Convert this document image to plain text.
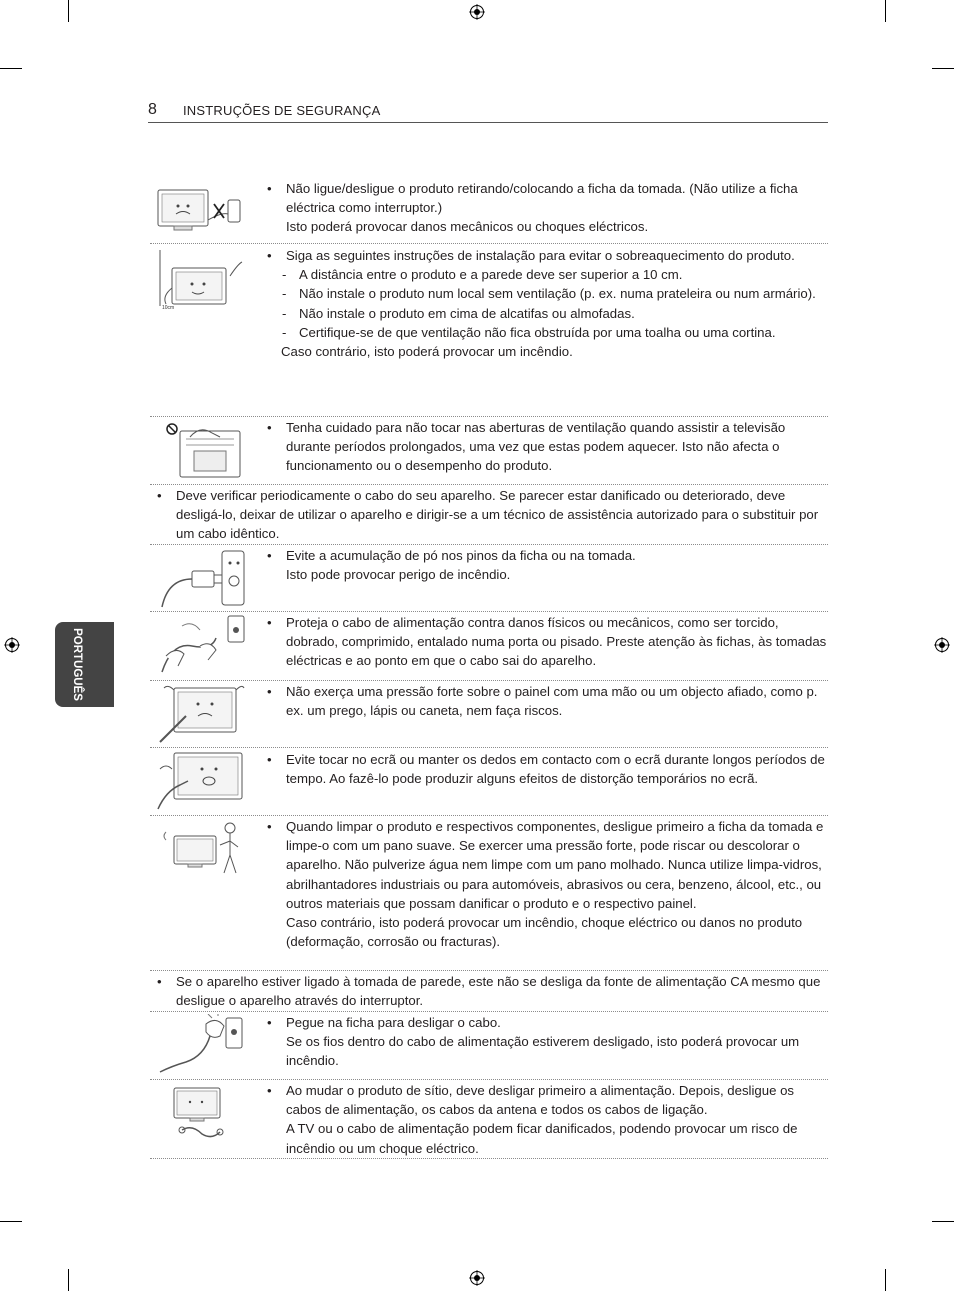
8 INSTRUÇÕES DE SEGURANÇA
PORTUGUÊS
• Não ligue/desligue o produto retirando/colocando a ficha da tomada. (Não utilize a ficha eléctrica como interruptor.)
Isto poderá provocar danos mecânicos ou choques eléctricos.
10cm
• Siga as seguintes instruções de instalação para evitar o sobreaquecimento do produto.
- A distância entre o produto e a parede deve ser superior a 10 cm.
- Não instale o produto num local sem ventilação (p. ex. numa prateleira ou num armário).
- Não instale o produto em cima de alcatifas ou almofadas.
- Certifique-se de que ventilação não fica obstruída por uma toalha ou uma cortina.
Caso contrário, isto poderá provocar um incêndio.
• Tenha cuidado para não tocar nas aberturas de ventilação quando assistir a televisão durante períodos prolongados, uma vez que estas podem aquecer. Isto não afecta o funcionamento ou o desempenho do produto.
• Deve verificar periodicamente o cabo do seu aparelho. Se parecer estar danificado ou deteriorado, deve desligá-lo, deixar de utilizar o aparelho e dirigir-se a um técnico de assistência autorizado para o substituir por um cabo idêntico.
• Evite a acumulação de pó nos pinos da ficha ou na tomada.
Isto pode provocar perigo de incêndio.
• Proteja o cabo de alimentação contra danos físicos ou mecânicos, como ser torcido, dobrado, comprimido, entalado numa porta ou pisado. Preste atenção às fichas, às tomadas eléctricas e ao ponto em que o cabo sai do aparelho.
• Não exerça uma pressão forte sobre o painel com uma mão ou um objecto afiado, como p. ex. um prego, lápis ou caneta, nem faça riscos.
• Evite tocar no ecrã ou manter os dedos em contacto com o ecrã durante longos períodos de tempo. Ao fazê-lo pode produzir alguns efeitos de distorção temporários no ecrã.
• Quando limpar o produto e respectivos componentes, desligue primeiro a ficha da tomada e limpe-o com um pano suave. Se exercer uma pressão forte, pode riscar ou descolorar o aparelho. Não pulverize água nem limpe com um pano molhado. Nunca utilize limpa-vidros, abrilhantadores industriais ou para automóveis, abrasivos ou cera, benzeno, álcool, etc., ou outros materiais que possam danificar o produto e o respectivo painel.
Caso contrário, isto poderá provocar um incêndio, choque eléctrico ou danos no produto (deformação, corrosão ou fracturas).
• Se o aparelho estiver ligado à tomada de parede, este não se desliga da fonte de alimentação CA mesmo que desligue o aparelho através do interruptor.
• Pegue na ficha para desligar o cabo.
Se os fios dentro do cabo de alimentação estiverem desligado, isto poderá provocar um incêndio.
• Ao mudar o produto de sítio, deve desligar primeiro a alimentação. Depois, desligue os cabos de alimentação, os cabos da antena e todos os cabos de ligação.
A TV ou o cabo de alimentação podem ficar danificados, podendo provocar um risco de incêndio ou um choque eléctrico.
